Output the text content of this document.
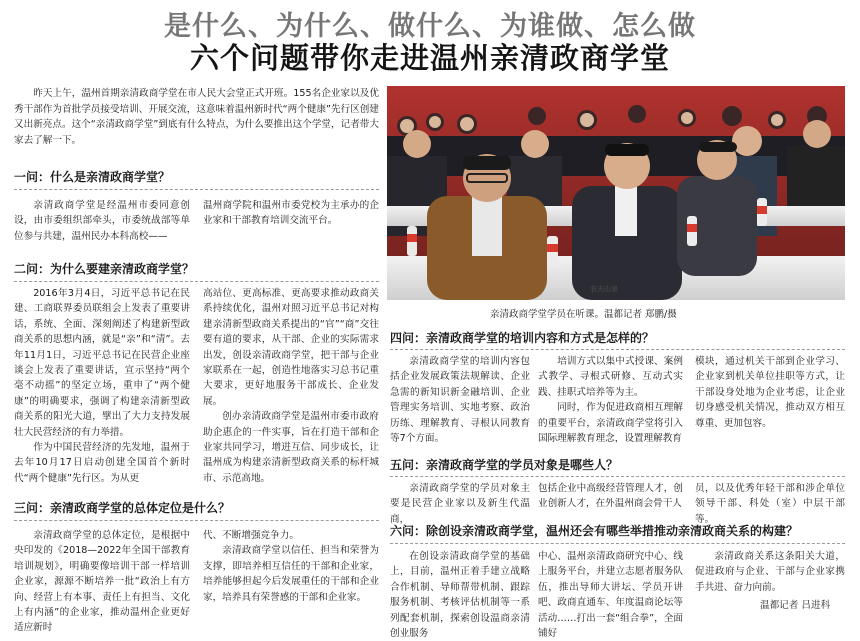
是什么、为什么、做什么、为谁做、怎么做
六个问题带你走进温州亲清政商学堂

昨天上午，温州首期亲清政商学堂在市人民大会堂正式开班。155名企业家以及优秀干部作为首批学员接受培训、开展交流，这意味着温州新时代“两个健康”先行区创建又出新亮点。这个“亲清政商学堂”到底有什么特点，为什么要推出这个学堂，记者带大家去了解一下。

一问：什么是亲清政商学堂？

亲清政商学堂是经温州市委同意创设，由市委组织部牵头，市委统战部等单位参与共建，温州民办本科高校——

温州商学院和温州市委党校为主承办的企业家和干部教育培训交流平台。

二问：为什么要建亲清政商学堂？

2016年3月4日，习近平总书记在民建、工商联界委员联组会上发表了重要讲话，系统、全面、深刻阐述了构建新型政商关系的思想内涵，就是“亲”和“清”。去年11月1日，习近平总书记在民营企业座谈会上发表了重要讲话，宣示坚持“两个毫不动摇”的坚定立场，重申了“两个健康”的明确要求，强调了构建亲清新型政商关系的阳光大道，擘出了大力支持发展壮大民营经济的有力举措。

作为中国民营经济的先发地，温州于去年10月17日启动创建全国首个新时代“两个健康”先行区。为从更

高站位、更高标准、更高要求推动政商关系持续优化，温州对照习近平总书记对构建亲清新型政商关系提出的“官”“商”交往要有道的要求，从干部、企业的实际需求出发，创设亲清政商学堂，把干部与企业家联系在一起，创造性地落实习总书记重大要求，更好地服务干部成长、企业发展。

创办亲清政商学堂是温州市委市政府助企惠企的一件实事，旨在打造干部和企业家共同学习，增进互信、同步成长，让温州成为构建亲清新型政商关系的标杆城市、示范高地。

三问：亲清政商学堂的总体定位是什么？

亲清政商学堂的总体定位，是根据中央印发的《2018—2022年全国干部教育培训规划》，明确要像培训干部一样培训企业家，源源不断培养一批“政治上有方向、经营上有本事、责任上有担当、文化上有内涵”的企业家，推动温州企业更好适应新时

代、不断增强竞争力。

亲清政商学堂以信任、担当和荣誉为支撑，即培养相互信任的干部和企业家，培养能够担起今后发展重任的干部和企业家，培养具有荣誉感的干部和企业家。

农夫山泉
亲清政商学堂学员在听课。温都记者 郑鹏/摄
四问：亲清政商学堂的培训内容和方式是怎样的？

亲清政商学堂的培训内容包括企业发展政策法规解读、企业急需的新知识新金融培训、企业管理实务培训、实地考察、政治历练、理解教育、寻根认同教育等7个方面。

培训方式以集中式授课、案例式教学、寻根式研修、互动式实践、挂职式培养等为主。

同时，作为促进政商相互理解的重要平台，亲清政商学堂将引入国际理解教育理念，设置理解教育

模块，通过机关干部到企业学习、企业家到机关单位挂职等方式，让干部设身处地为企业考虑，让企业切身感受机关情况，推动双方相互尊重、更加包容。

五问：亲清政商学堂的学员对象是哪些人？

亲清政商学堂的学员对象主要是民营企业家以及新生代温商，

包括企业中高级经营管理人才，创业创新人才，在外温州商会骨干人

员，以及优秀年轻干部和涉企单位领导干部、科处（室）中层干部等。

六问：除创设亲清政商学堂，温州还会有哪些举措推动亲清政商关系的构建？

在创设亲清政商学堂的基础上，目前，温州正着手建立战略合作机制、导师帮带机制、跟踪服务机制、考核评估机制等一系列配套机制，探索创设温商亲清创业服务

中心、温州亲清政商研究中心、线上服务平台，并建立志愿者服务队伍，推出导师大讲坛、学员开讲吧、政商直通车、年度温商论坛等活动……打出一套“组合拳”，全面铺好

亲清政商关系这条阳关大道，促进政府与企业、干部与企业家携手共进、奋力向前。

温都记者 吕进科
